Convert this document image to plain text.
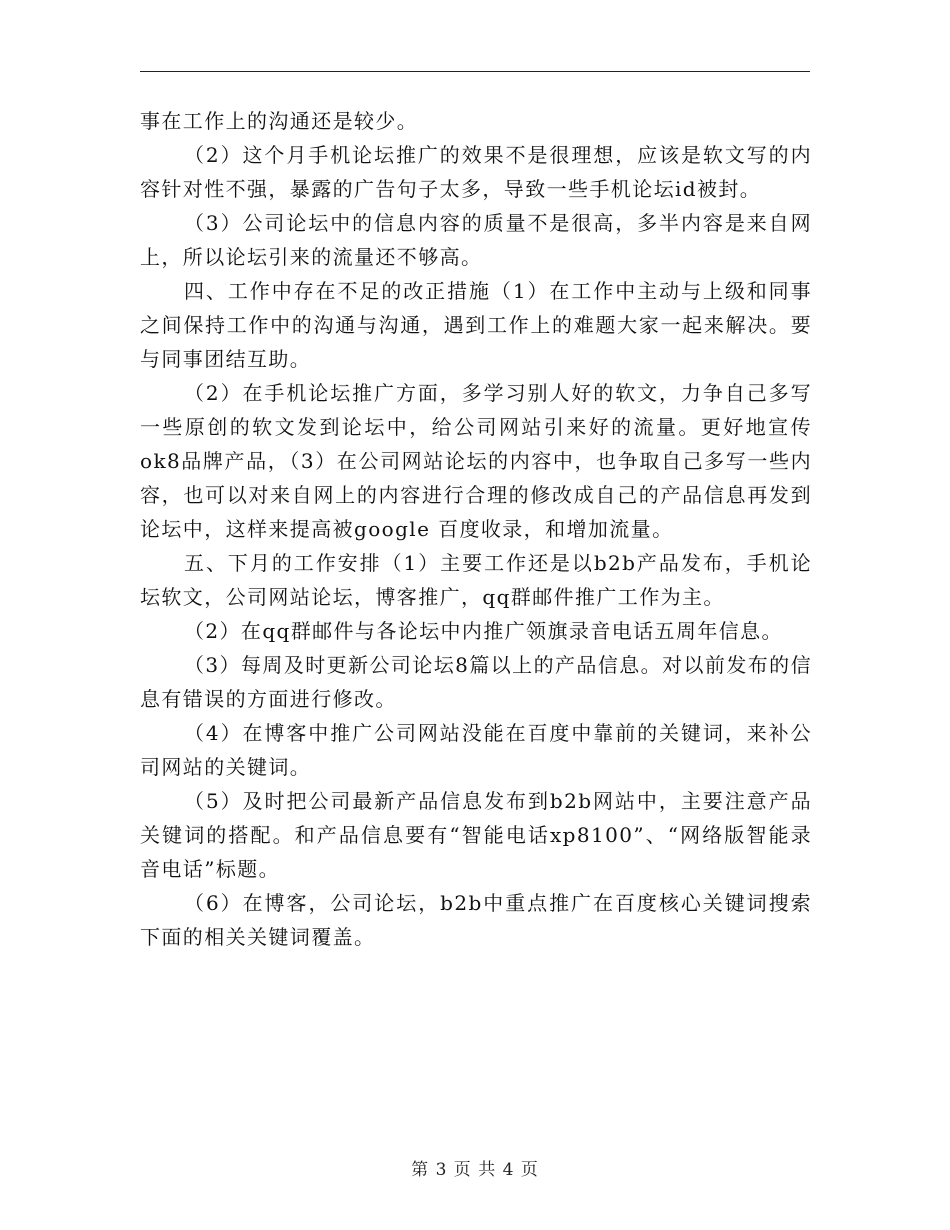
事在工作上的沟通还是较少。

（2）这个月手机论坛推广的效果不是很理想，应该是软文写的内容针对性不强，暴露的广告句子太多，导致一些手机论坛id被封。

（3）公司论坛中的信息内容的质量不是很高，多半内容是来自网上，所以论坛引来的流量还不够高。

四、工作中存在不足的改正措施（1）在工作中主动与上级和同事之间保持工作中的沟通与沟通，遇到工作上的难题大家一起来解决。要与同事团结互助。

（2）在手机论坛推广方面，多学习别人好的软文，力争自己多写一些原创的软文发到论坛中，给公司网站引来好的流量。更好地宣传ok8品牌产品，（3）在公司网站论坛的内容中，也争取自己多写一些内容，也可以对来自网上的内容进行合理的修改成自己的产品信息再发到论坛中，这样来提高被google 百度收录，和增加流量。

五、下月的工作安排（1）主要工作还是以b2b产品发布，手机论坛软文，公司网站论坛，博客推广，qq群邮件推广工作为主。

（2）在qq群邮件与各论坛中内推广领旗录音电话五周年信息。

（3）每周及时更新公司论坛8篇以上的产品信息。对以前发布的信息有错误的方面进行修改。

（4）在博客中推广公司网站没能在百度中靠前的关键词，来补公司网站的关键词。

（5）及时把公司最新产品信息发布到b2b网站中，主要注意产品关键词的搭配。和产品信息要有“智能电话xp8100”、“网络版智能录音电话”标题。

（6）在博客，公司论坛，b2b中重点推广在百度核心关键词搜索下面的相关关键词覆盖。

第 3 页 共 4 页
